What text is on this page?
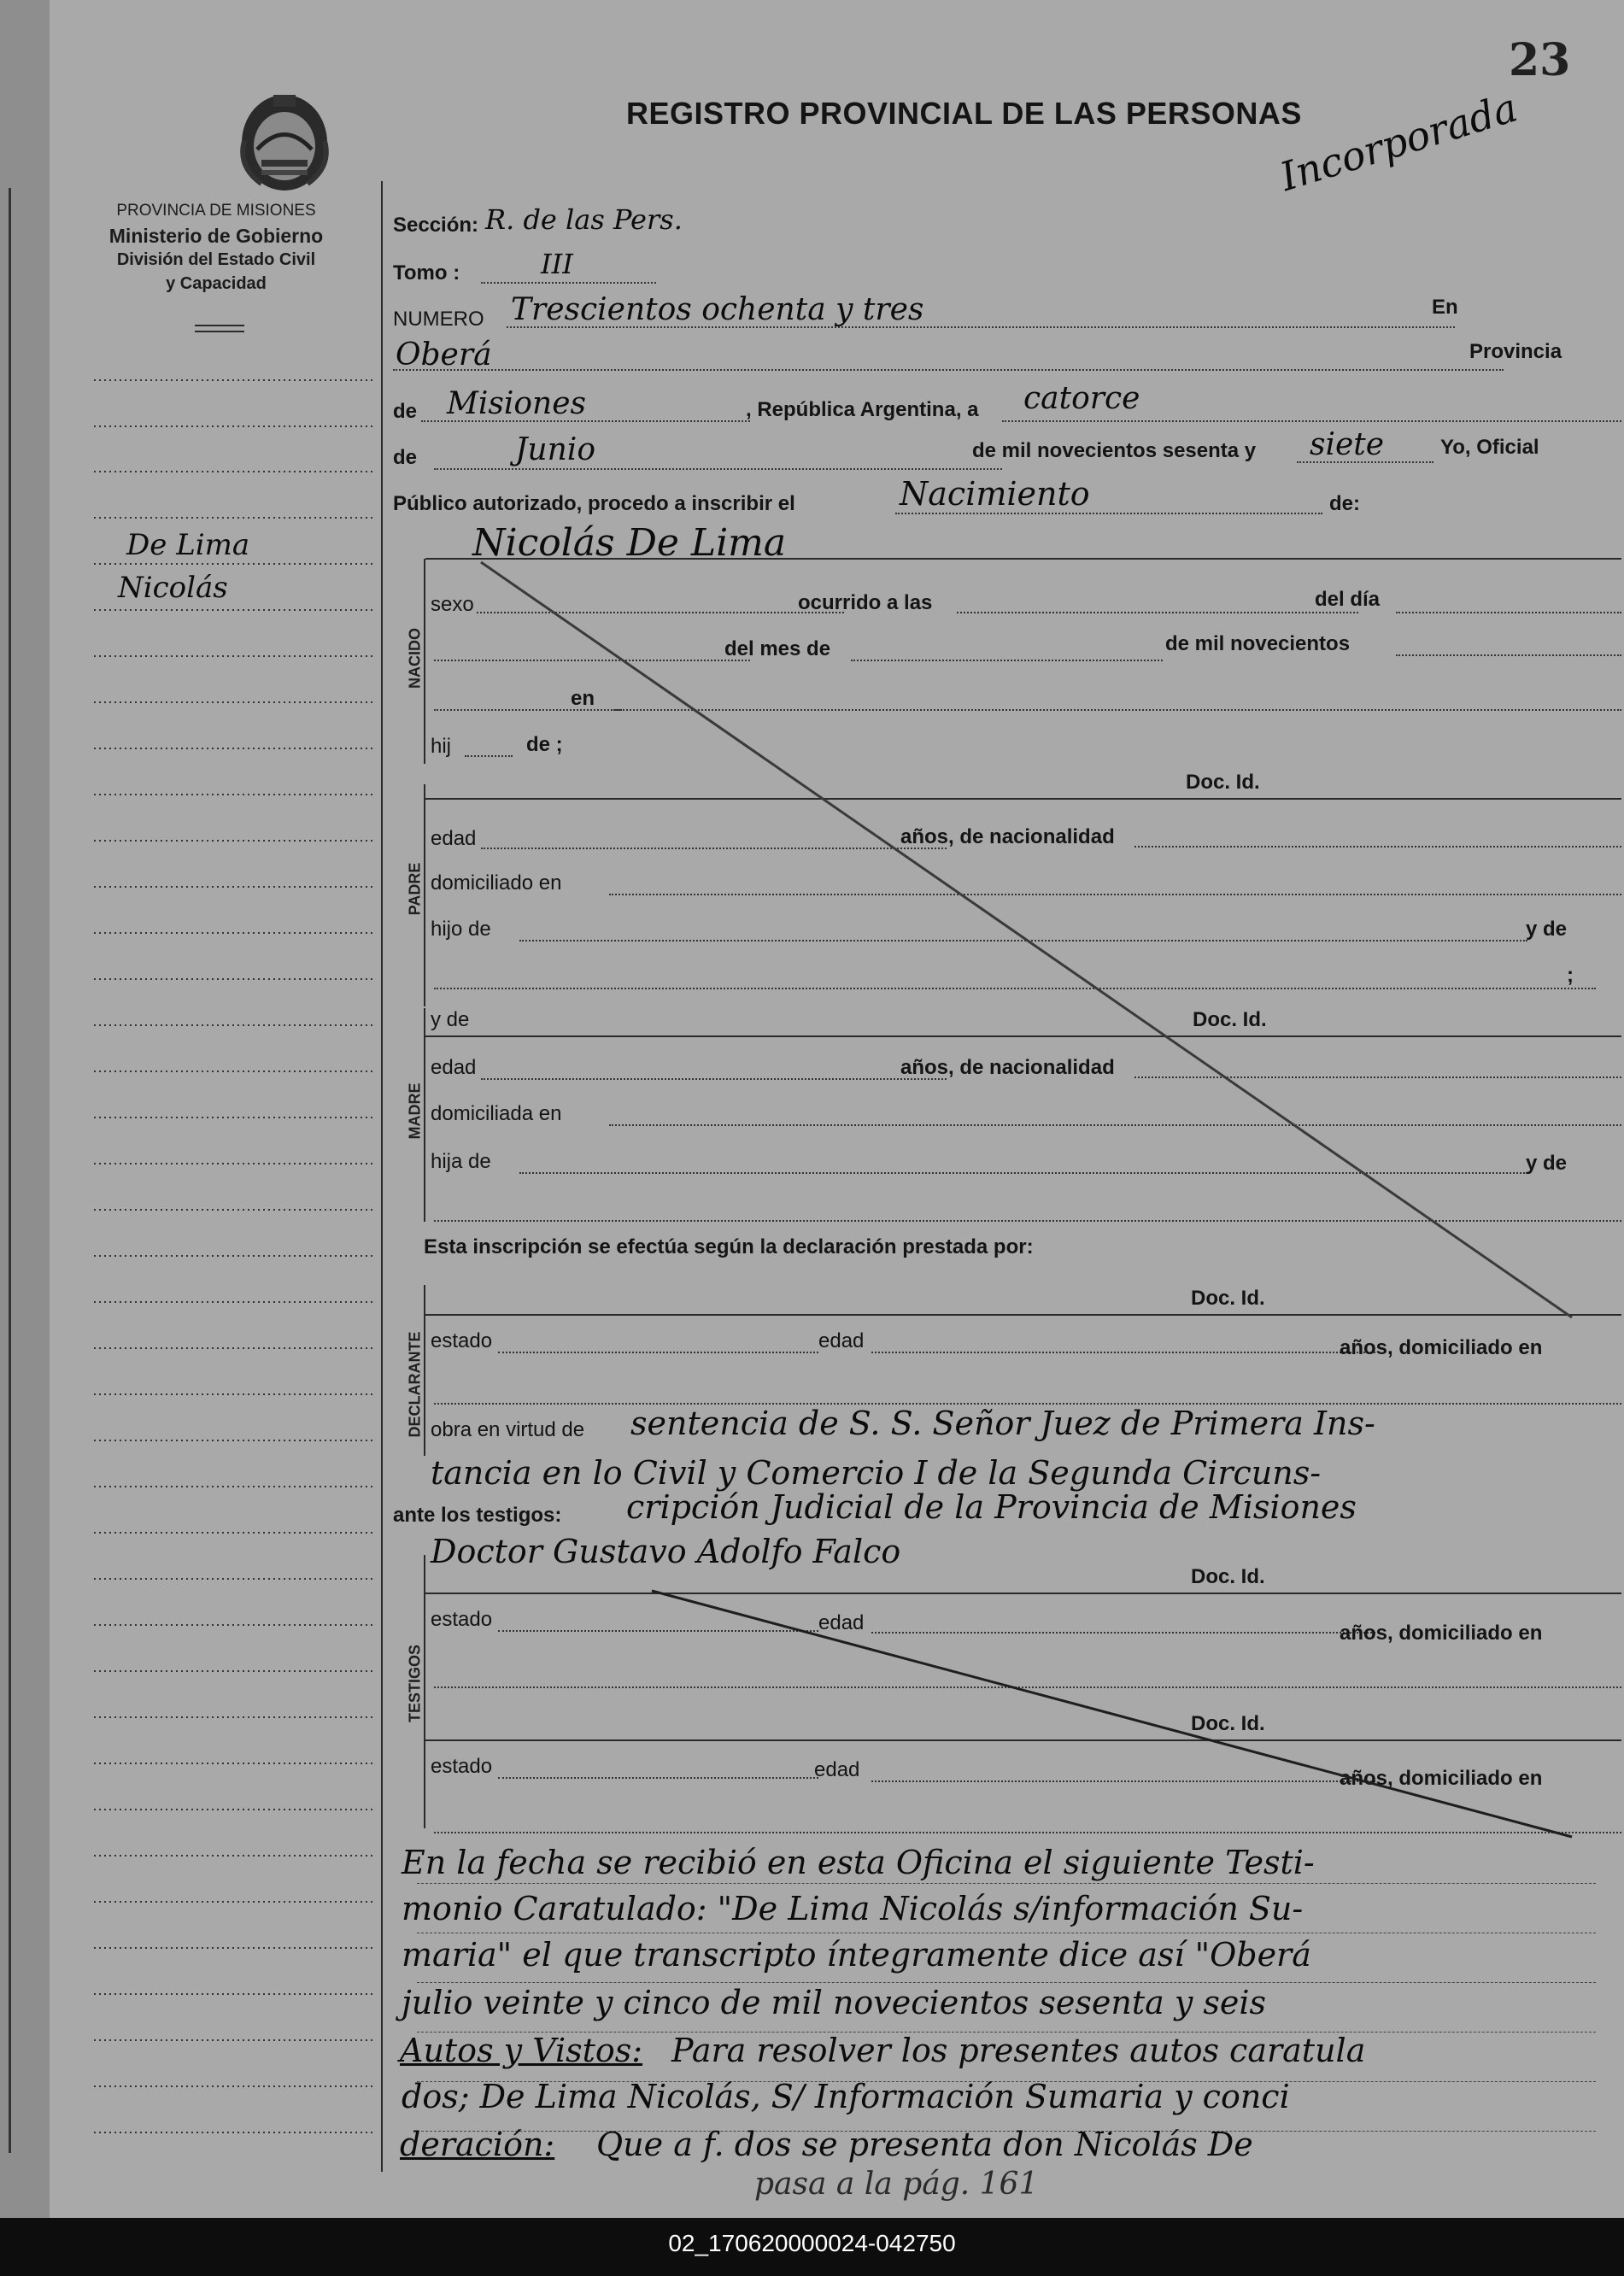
PROVINCIA DE MISIONES
Ministerio de Gobierno
División del Estado Civil
y Capacidad
23
REGISTRO PROVINCIAL DE LAS PERSONAS
Incorporada
De Lima
Nicolás
Sección: R. de las Pers.
Tomo :	III
NUMERO Trescientos ochenta y tres	En
Oberá	Provincia
de Misiones	, República Argentina, a catorce
de	Junio	de mil novecientos sesenta y siete	Yo, Oficial
Público autorizado, procedo a inscribir el	Nacimiento	de:
Nicolás De Lima
NACIDO
sexo	ocurrido a las	del día
del mes de	de mil novecientos
en
hij	de ;
PADRE
Doc. Id.
edad	años, de nacionalidad
domiciliado en
hijo de	y de
;
MADRE
y de	Doc. Id.
edad	años, de nacionalidad
domiciliada en
hija de	y de
Esta inscripción se efectúa según la declaración prestada por:
DECLARANTE
Doc. Id.
estado	edad	años, domiciliado en
obra en virtud de sentencia de S. S. Señor Juez de Primera Ins-
tancia en lo Civil y Comercio I de la Segunda Circuns-
ante los testigos: cripción Judicial de la Provincia de Misiones
Doctor Gustavo Adolfo Falco
TESTIGOS
Doc. Id.
estado	edad	años, domiciliado en
Doc. Id.
estado	edad	años, domiciliado en
En la fecha se recibió en esta Oficina el siguiente Testi-
monio Caratulado: "De Lima Nicolás s/información Su-
maria" el que transcripto íntegramente dice así "Oberá
julio veinte y cinco de mil novecientos sesenta y seis
Autos y Vistos: Para resolver los presentes autos caratula
dos; De Lima Nicolás, S/ Información Sumaria y conci
deración: Que a f. dos se presenta don Nicolás De
pasa a la pág. 161
02_170620000024-042750
